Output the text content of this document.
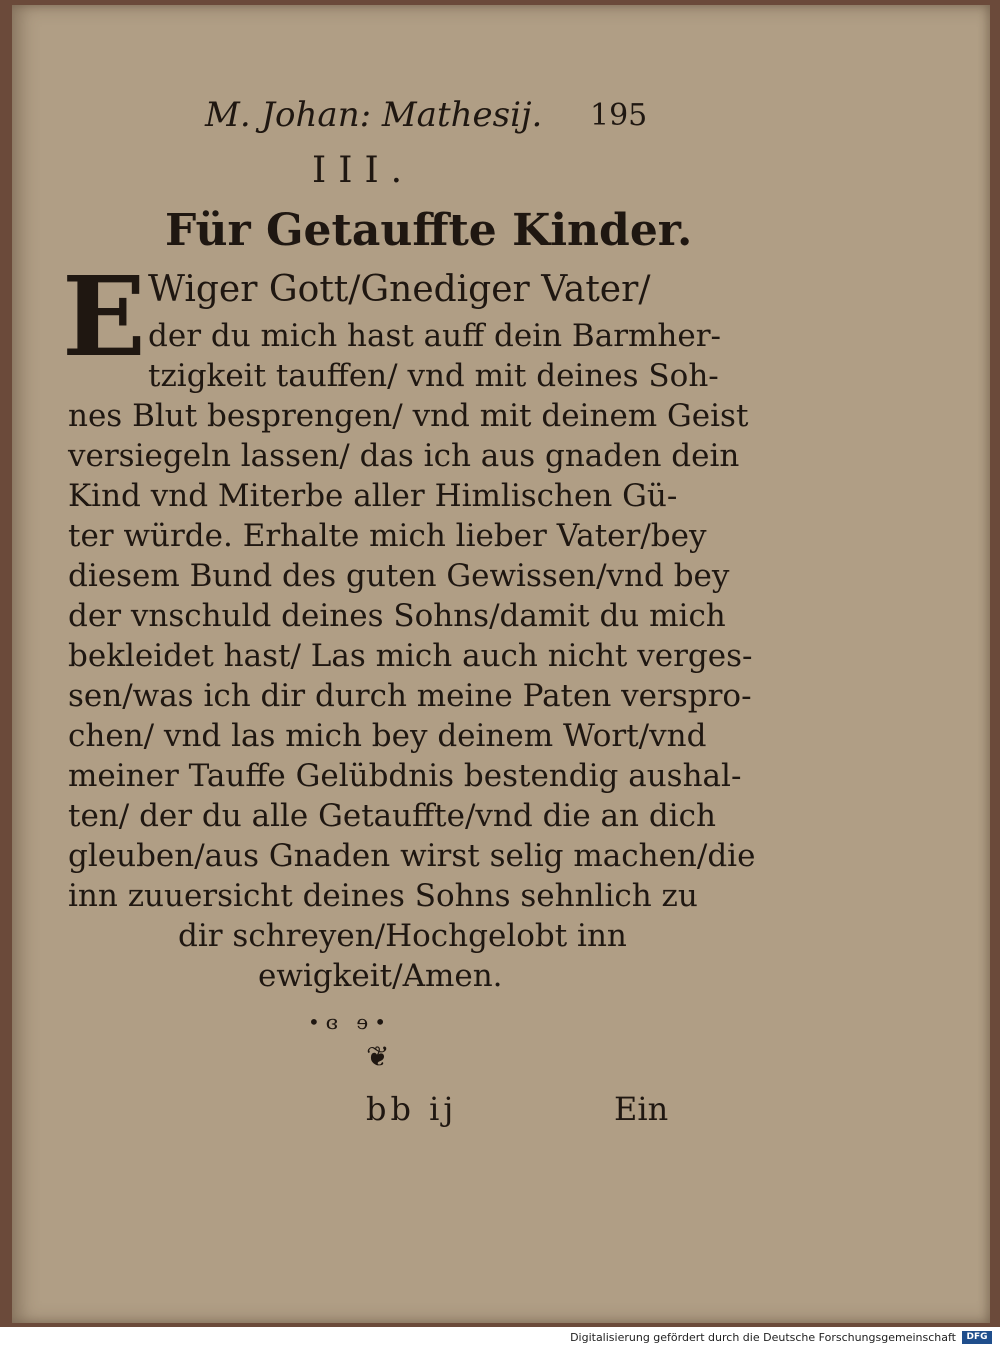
M. Johan: Mathesij. 195
III.
Für Getauffte Kinder.
E Wiger Gott/Gnediger Vater/
der du mich hast auff dein Barmher-
tzigkeit tauffen/ vnd mit deines Soh-
nes Blut besprengen/ vnd mit deinem Geist
versiegeln lassen/ das ich aus gnaden dein
Kind vnd Miterbe aller Himlischen Gü-
ter würde. Erhalte mich lieber Vater/bey
diesem Bund des guten Gewissen/vnd bey
der vnschuld deines Sohns/damit du mich
bekleidet hast/ Las mich auch nicht verges-
sen/was ich dir durch meine Paten verspro-
chen/ vnd las mich bey deinem Wort/vnd
meiner Tauffe Gelübdnis bestendig aushal-
ten/ der du alle Getauffte/vnd die an dich
gleuben/aus Gnaden wirst selig machen/die
inn zuuersicht deines Sohns sehnlich zu
dir schreyen/Hochgelobt inn
ewigkeit/Amen.
•ɞ ɘ•
❦
bb ij	Ein
Digitalisierung gefördert durch die Deutsche Forschungsgemeinschaft	DFG
